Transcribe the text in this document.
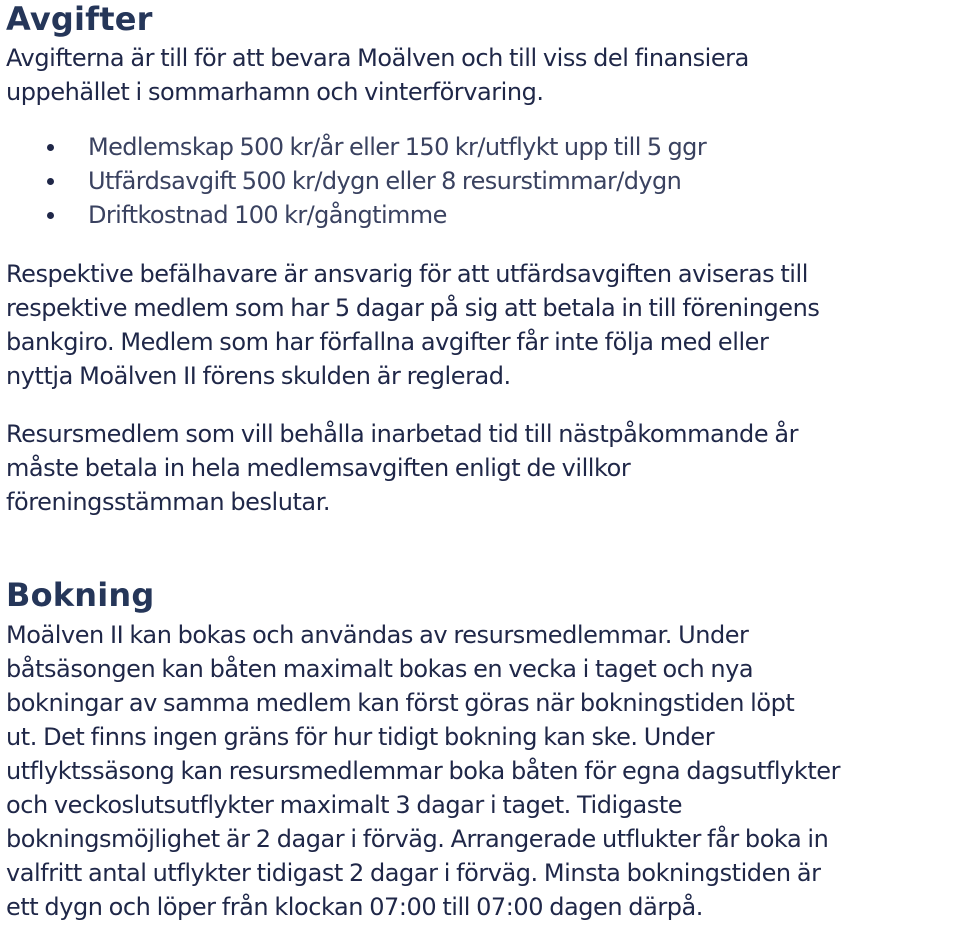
Avgifter

Avgifterna är till för att bevara Moälven och till viss del finansiera
uppehället i sommarhamn och vinterförvaring.

Medlemskap 500 kr/år eller 150 kr/utflykt upp till 5 ggr
Utfärdsavgift 500 kr/dygn eller 8 resurstimmar/dygn
Driftkostnad 100 kr/gångtimme

Respektive befälhavare är ansvarig för att utfärdsavgiften aviseras till
respektive medlem som har 5 dagar på sig att betala in till föreningens
bankgiro. Medlem som har förfallna avgifter får inte följa med eller
nyttja Moälven II förens skulden är reglerad.

Resursmedlem som vill behålla inarbetad tid till nästpåkommande år
måste betala in hela medlemsavgiften enligt de villkor
föreningsstämman beslutar.

Bokning

Moälven II kan bokas och användas av resursmedlemmar. Under
båtsäsongen kan båten maximalt bokas en vecka i taget och nya
bokningar av samma medlem kan först göras när bokningstiden löpt
ut. Det finns ingen gräns för hur tidigt bokning kan ske. Under
utflyktssäsong kan resursmedlemmar boka båten för egna dagsutflykter
och veckoslutsutflykter maximalt 3 dagar i taget. Tidigaste
bokningsmöjlighet är 2 dagar i förväg. Arrangerade utflukter får boka in
valfritt antal utflykter tidigast 2 dagar i förväg. Minsta bokningstiden är
ett dygn och löper från klockan 07:00 till 07:00 dagen därpå.
